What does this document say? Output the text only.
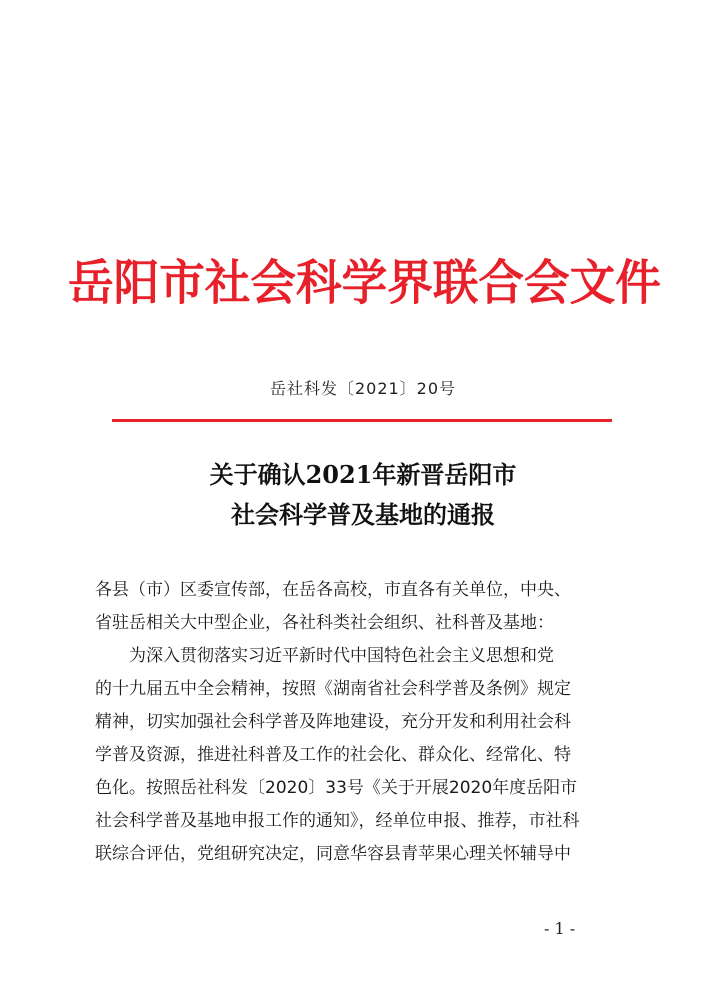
岳阳市社会科学界联合会文件
岳社科发〔2021〕20号
关于确认2021年新晋岳阳市
社会科学普及基地的通报

各县（市）区委宣传部，在岳各高校，市直各有关单位，中央、

省驻岳相关大中型企业，各社科类社会组织、社科普及基地：

为深入贯彻落实习近平新时代中国特色社会主义思想和党

的十九届五中全会精神，按照《湖南省社会科学普及条例》规定

精神，切实加强社会科学普及阵地建设，充分开发和利用社会科

学普及资源，推进社科普及工作的社会化、群众化、经常化、特

色化。按照岳社科发〔2020〕33号《关于开展2020年度岳阳市

社会科学普及基地申报工作的通知》，经单位申报、推荐，市社科

联综合评估，党组研究决定，同意华容县青苹果心理关怀辅导中

- 1 -
